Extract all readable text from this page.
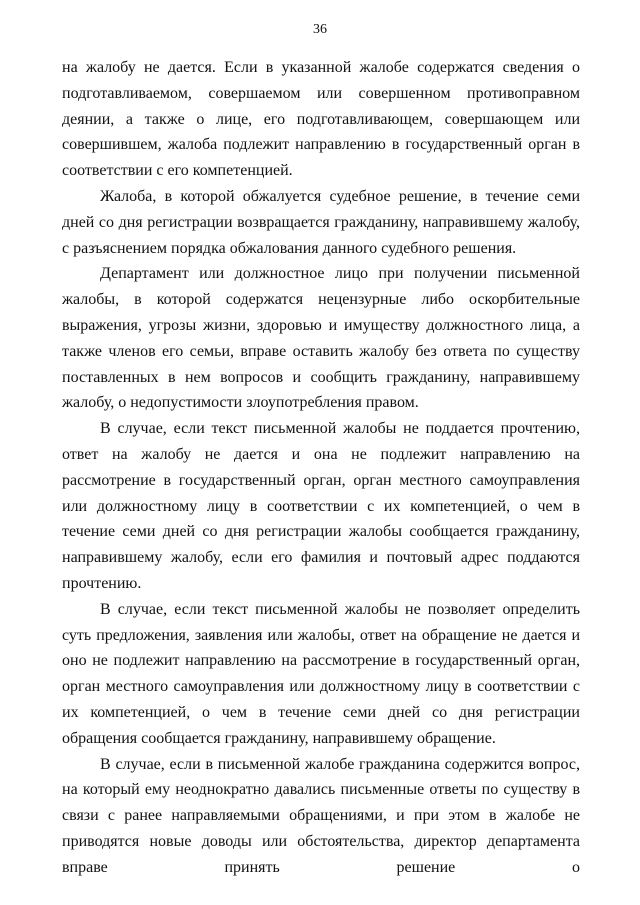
36

на жалобу не дается. Если в указанной жалобе содержатся сведения о подготавливаемом, совершаемом или совершенном противоправном деянии, а также о лице, его подготавливающем, совершающем или совершившем, жалоба подлежит направлению в государственный орган в соответствии с его компетенцией.

Жалоба, в которой обжалуется судебное решение, в течение семи дней со дня регистрации возвращается гражданину, направившему жалобу, с разъяснением порядка обжалования данного судебного решения.

Департамент или должностное лицо при получении письменной жалобы, в которой содержатся нецензурные либо оскорбительные выражения, угрозы жизни, здоровью и имуществу должностного лица, а также членов его семьи, вправе оставить жалобу без ответа по существу поставленных в нем вопросов и сообщить гражданину, направившему жалобу, о недопустимости злоупотребления правом.

В случае, если текст письменной жалобы не поддается прочтению, ответ на жалобу не дается и она не подлежит направлению на рассмотрение в государственный орган, орган местного самоуправления или должностному лицу в соответствии с их компетенцией, о чем в течение семи дней со дня регистрации жалобы сообщается гражданину, направившему жалобу, если его фамилия и почтовый адрес поддаются прочтению.

В случае, если текст письменной жалобы не позволяет определить суть предложения, заявления или жалобы, ответ на обращение не дается и оно не подлежит направлению на рассмотрение в государственный орган, орган местного самоуправления или должностному лицу в соответствии с их компетенцией, о чем в течение семи дней со дня регистрации обращения сообщается гражданину, направившему обращение.

В случае, если в письменной жалобе гражданина содержится вопрос, на который ему неоднократно давались письменные ответы по существу в связи с ранее направляемыми обращениями, и при этом в жалобе не приводятся новые доводы или обстоятельства, директор департамента вправе принять решение о
